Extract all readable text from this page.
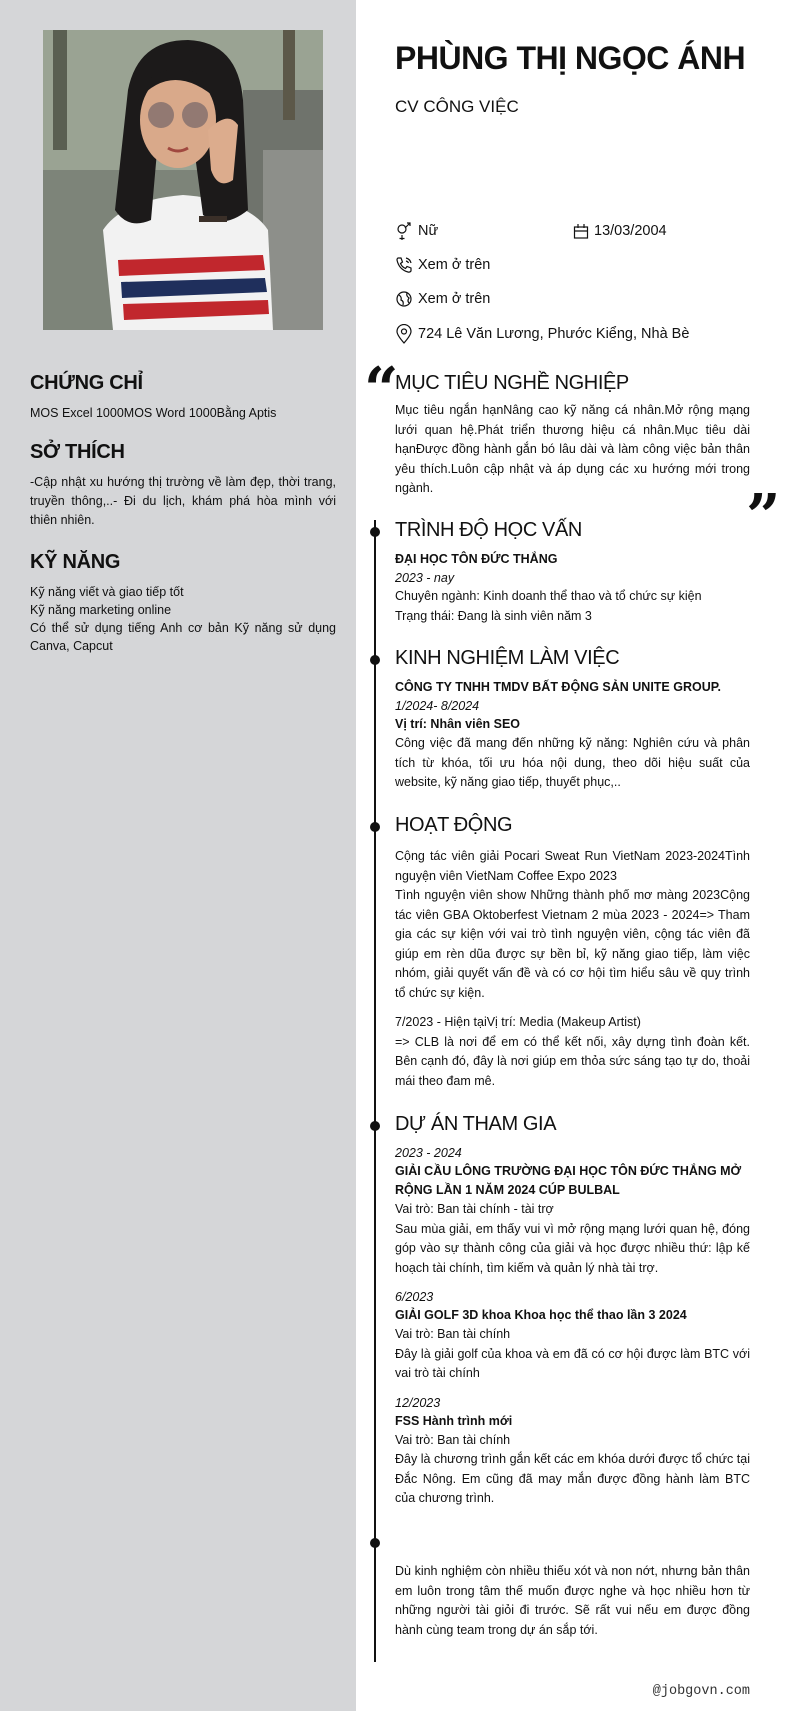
CHỨNG CHỈ
MOS Excel 1000MOS Word 1000Bằng Aptis
SỞ THÍCH
-Cập nhật xu hướng thị trường về làm đẹp, thời trang, truyền thông,..- Đi du lịch, khám phá hòa mình với thiên nhiên.
KỸ NĂNG
Kỹ năng viết và giao tiếp tốt
Kỹ năng marketing online
Có thể sử dụng tiếng Anh cơ bản Kỹ năng sử dụng Canva, Capcut
PHÙNG THỊ NGỌC ÁNH
CV CÔNG VIỆC
Nữ	13/03/2004
Xem ở trên
Xem ở trên
724 Lê Văn Lương, Phước Kiểng, Nhà Bè
“
”
MỤC TIÊU NGHỀ NGHIỆP
Mục tiêu ngắn hạnNâng cao kỹ năng cá nhân.Mở rộng mạng lưới quan hệ.Phát triển thương hiệu cá nhân.Mục tiêu dài hạnĐược đồng hành gắn bó lâu dài và làm công việc bản thân yêu thích.Luôn cập nhật và áp dụng các xu hướng mới trong ngành.
TRÌNH ĐỘ HỌC VẤN
ĐẠI HỌC TÔN ĐỨC THẮNG
2023 - nay
Chuyên ngành: Kinh doanh thể thao và tổ chức sự kiện
Trạng thái: Đang là sinh viên năm 3
KINH NGHIỆM LÀM VIỆC
CÔNG TY TNHH TMDV BẤT ĐỘNG SẢN UNITE GROUP.
1/2024- 8/2024
Vị trí: Nhân viên SEO
Công việc đã mang đến những kỹ năng: Nghiên cứu và phân tích từ khóa, tối ưu hóa nội dung, theo dõi hiệu suất của website, kỹ năng giao tiếp, thuyết phục,..
HOẠT ĐỘNG
Cộng tác viên giải Pocari Sweat Run VietNam 2023-2024Tình nguyện viên VietNam Coffee Expo 2023
Tình nguyện viên show Những thành phố mơ màng 2023Cộng tác viên GBA Oktoberfest Vietnam 2 mùa 2023 - 2024=> Tham gia các sự kiện với vai trò tình nguyện viên, cộng tác viên đã giúp em rèn dũa được sự bền bỉ, kỹ năng giao tiếp, làm việc nhóm, giải quyết vấn đề và có cơ hội tìm hiểu sâu về quy trình tổ chức sự kiện.
7/2023 - Hiện tạiVị trí: Media (Makeup Artist)
=> CLB là nơi để em có thể kết nối, xây dựng tình đoàn kết. Bên cạnh đó, đây là nơi giúp em thỏa sức sáng tạo tự do, thoải mái theo đam mê.
DỰ ÁN THAM GIA
2023 - 2024
GIẢI CẦU LÔNG TRƯỜNG ĐẠI HỌC TÔN ĐỨC THẮNG MỞ RỘNG LẦN 1 NĂM 2024 CÚP BULBAL
Vai trò: Ban tài chính - tài trợ
Sau mùa giải, em thấy vui vì mở rộng mạng lưới quan hệ, đóng góp vào sự thành công của giải và học được nhiều thứ: lập kế hoạch tài chính, tìm kiếm và quản lý nhà tài trợ.
6/2023
GIẢI GOLF 3D khoa Khoa học thể thao lần 3 2024
Vai trò: Ban tài chính
Đây là giải golf của khoa và em đã có cơ hội được làm BTC với vai trò tài chính
12/2023
FSS Hành trình mới
Vai trò: Ban tài chính
Đây là chương trình gắn kết các em khóa dưới được tổ chức tại Đắc Nông. Em cũng đã may mắn được đồng hành làm BTC của chương trình.
Dù kinh nghiệm còn nhiều thiếu xót và non nớt, nhưng bản thân em luôn trong tâm thế muốn được nghe và học nhiều hơn từ những người tài giỏi đi trước. Sẽ rất vui nếu em được đồng hành cùng team trong dự án sắp tới.
@jobgovn.com
